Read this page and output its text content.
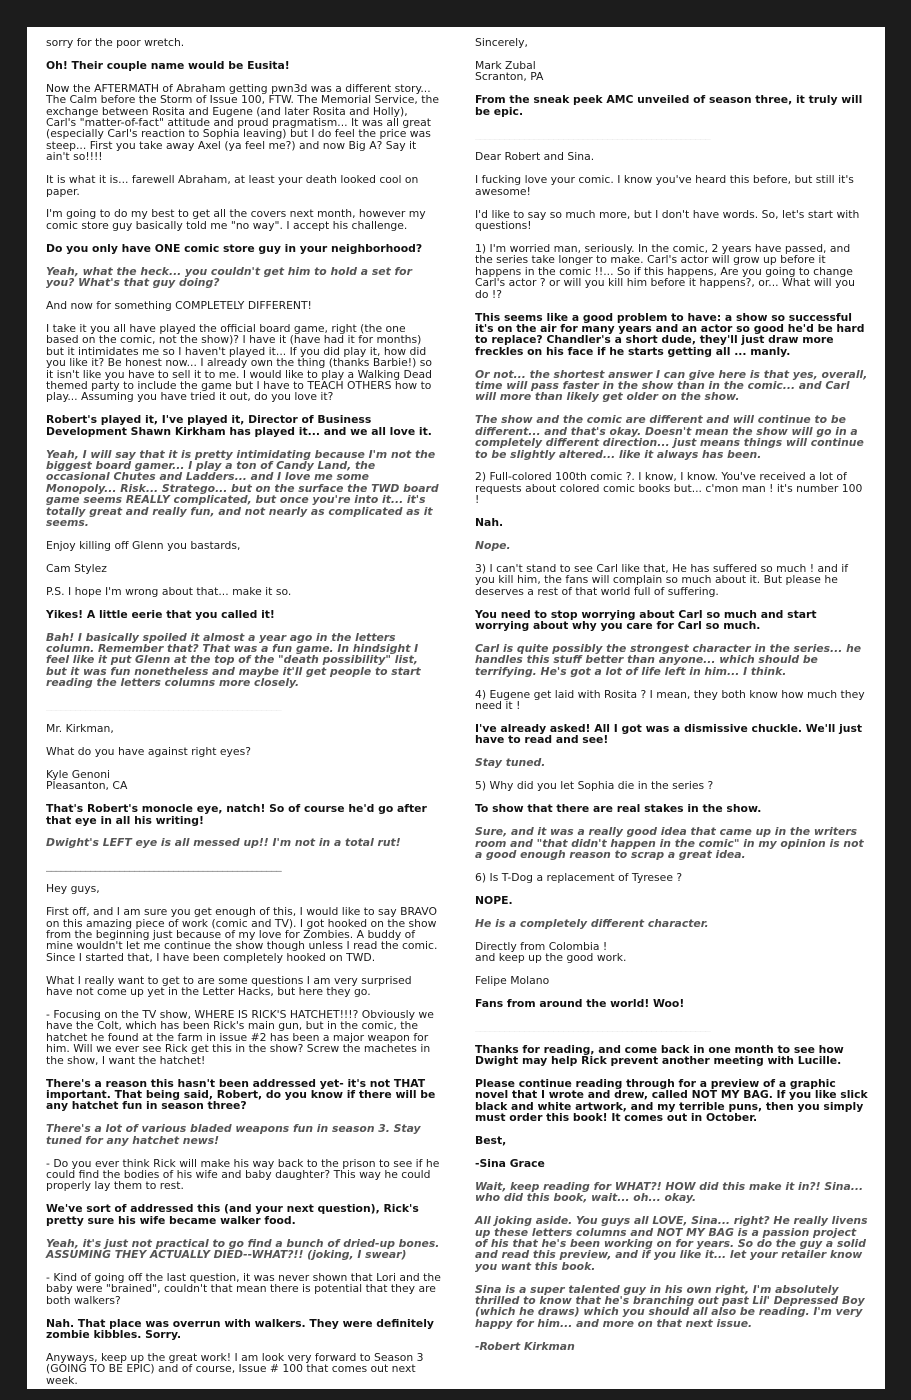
sorry for the poor wretch.

Oh! Their couple name would be Eusita!

Now the AFTERMATH of Abraham getting pwn3d was a different story... The Calm before the Storm of Issue 100, FTW. The Memorial Service, the exchange between Rosita and Eugene (and later Rosita and Holly), Carl's "matter-of-fact" attitude and proud pragmatism... It was all great (especially Carl's reaction to Sophia leaving) but I do feel the price was steep... First you take away Axel (ya feel me?) and now Big A? Say it ain't so!!!!

It is what it is... farewell Abraham, at least your death looked cool on paper.

I'm going to do my best to get all the covers next month, however my comic store guy basically told me "no way". I accept his challenge.

Do you only have ONE comic store guy in your neighborhood?

Yeah, what the heck... you couldn't get him to hold a set for you? What's that guy doing?

And now for something COMPLETELY DIFFERENT!

I take it you all have played the official board game, right (the one based on the comic, not the show)? I have it (have had it for months) but it intimidates me so I haven't played it... If you did play it, how did you like it? Be honest now... I already own the thing (thanks Barbie!) so it isn't like you have to sell it to me. I would like to play a Walking Dead themed party to include the game but I have to TEACH OTHERS how to play... Assuming you have tried it out, do you love it?

Robert's played it, I've played it, Director of Business Development Shawn Kirkham has played it... and we all love it.

Yeah, I will say that it is pretty intimidating because I'm not the biggest board gamer... I play a ton of Candy Land, the occasional Chutes and Ladders... and I love me some Monopoly... Risk... Stratego... but on the surface the TWD board game seems REALLY complicated, but once you're into it... it's totally great and really fun, and not nearly as complicated as it seems.

Enjoy killing off Glenn you bastards,

Cam Stylez

P.S. I hope I'm wrong about that... make it so.

Yikes! A little eerie that you called it!

Bah! I basically spoiled it almost a year ago in the letters column. Remember that? That was a fun game. In hindsight I feel like it put Glenn at the top of the "death possibility" list, but it was fun nonetheless and maybe it'll get people to start reading the letters columns more closely.

________________________________________________

Mr. Kirkman,

What do you have against right eyes?

Kyle Genoni
Pleasanton, CA

That's Robert's monocle eye, natch! So of course he'd go after that eye in all his writing!

Dwight's LEFT eye is all messed up!! I'm not in a total rut!

________________________________________________

Hey guys,

First off, and I am sure you get enough of this, I would like to say BRAVO on this amazing piece of work (comic and TV). I got hooked on the show from the beginning just because of my love for Zombies. A buddy of mine wouldn't let me continue the show though unless I read the comic. Since I started that, I have been completely hooked on TWD.

What I really want to get to are some questions I am very surprised have not come up yet in the Letter Hacks, but here they go.

- Focusing on the TV show, WHERE IS RICK'S HATCHET!!!? Obviously we have the Colt, which has been Rick's main gun, but in the comic, the hatchet he found at the farm in issue #2 has been a major weapon for him. Will we ever see Rick get this in the show? Screw the machetes in the show, I want the hatchet!

There's a reason this hasn't been addressed yet- it's not THAT important. That being said, Robert, do you know if there will be any hatchet fun in season three?

There's a lot of various bladed weapons fun in season 3. Stay tuned for any hatchet news!

- Do you ever think Rick will make his way back to the prison to see if he could find the bodies of his wife and baby daughter? This way he could properly lay them to rest.

We've sort of addressed this (and your next question), Rick's pretty sure his wife became walker food.

Yeah, it's just not practical to go find a bunch of dried-up bones. ASSUMING THEY ACTUALLY DIED--WHAT?!! (joking, I swear)

- Kind of going off the last question, it was never shown that Lori and the baby were "brained", couldn't that mean there is potential that they are both walkers?

Nah. That place was overrun with walkers. They were definitely zombie kibbles. Sorry.

Anyways, keep up the great work! I am look very forward to Season 3 (GOING TO BE EPIC) and of course, Issue # 100 that comes out next week.

Sincerely,

Mark Zubal
Scranton, PA

From the sneak peek AMC unveiled of season three, it truly will be epic.

________________________________________________

Dear Robert and Sina.

I fucking love your comic. I know you've heard this before, but still it's awesome!

I'd like to say so much more, but I don't have words. So, let's start with questions!

1) I'm worried man, seriously. In the comic, 2 years have passed, and the series take longer to make. Carl's actor will grow up before it happens in the comic !!... So if this happens, Are you going to change Carl's actor ? or will you kill him before it happens?, or... What will you do !?

This seems like a good problem to have: a show so successful it's on the air for many years and an actor so good he'd be hard to replace? Chandler's a short dude, they'll just draw more freckles on his face if he starts getting all ... manly.

Or not... the shortest answer I can give here is that yes, overall, time will pass faster in the show than in the comic... and Carl will more than likely get older on the show.

The show and the comic are different and will continue to be different... and that's okay. Doesn't mean the show will go in a completely different direction... just means things will continue to be slightly altered... like it always has been.

2) Full-colored 100th comic ?. I know, I know. You've received a lot of requests about colored comic books but... c'mon man ! it's number 100 !

Nah.

Nope.

3) I can't stand to see Carl like that, He has suffered so much ! and if you kill him, the fans will complain so much about it. But please he deserves a rest of that world full of suffering.

You need to stop worrying about Carl so much and start worrying about why you care for Carl so much.

Carl is quite possibly the strongest character in the series... he handles this stuff better than anyone... which should be terrifying. He's got a lot of life left in him... I think.

4) Eugene get laid with Rosita ? I mean, they both know how much they need it !

I've already asked! All I got was a dismissive chuckle. We'll just have to read and see!

Stay tuned.

5) Why did you let Sophia die in the series ?

To show that there are real stakes in the show.

Sure, and it was a really good idea that came up in the writers room and "that didn't happen in the comic" in my opinion is not a good enough reason to scrap a great idea.

6) Is T-Dog a replacement of Tyresee ?

NOPE.

He is a completely different character.

Directly from Colombia !
and keep up the good work.

Felipe Molano

Fans from around the world! Woo!

________________________________________________

Thanks for reading, and come back in one month to see how Dwight may help Rick prevent another meeting with Lucille.

Please continue reading through for a preview of a graphic novel that I wrote and drew, called NOT MY BAG. If you like slick black and white artwork, and my terrible puns, then you simply must order this book! It comes out in October.

Best,

-Sina Grace

Wait, keep reading for WHAT?! HOW did this make it in?! Sina... who did this book, wait... oh... okay.

All joking aside. You guys all LOVE, Sina... right? He really livens up these letters columns and NOT MY BAG is a passion project of his that he's been working on for years. So do the guy a solid and read this preview, and if you like it... let your retailer know you want this book.

Sina is a super talented guy in his own right, I'm absolutely thrilled to know that he's branching out past Lil' Depressed Boy (which he draws) which you should all also be reading. I'm very happy for him... and more on that next issue.

-Robert Kirkman
